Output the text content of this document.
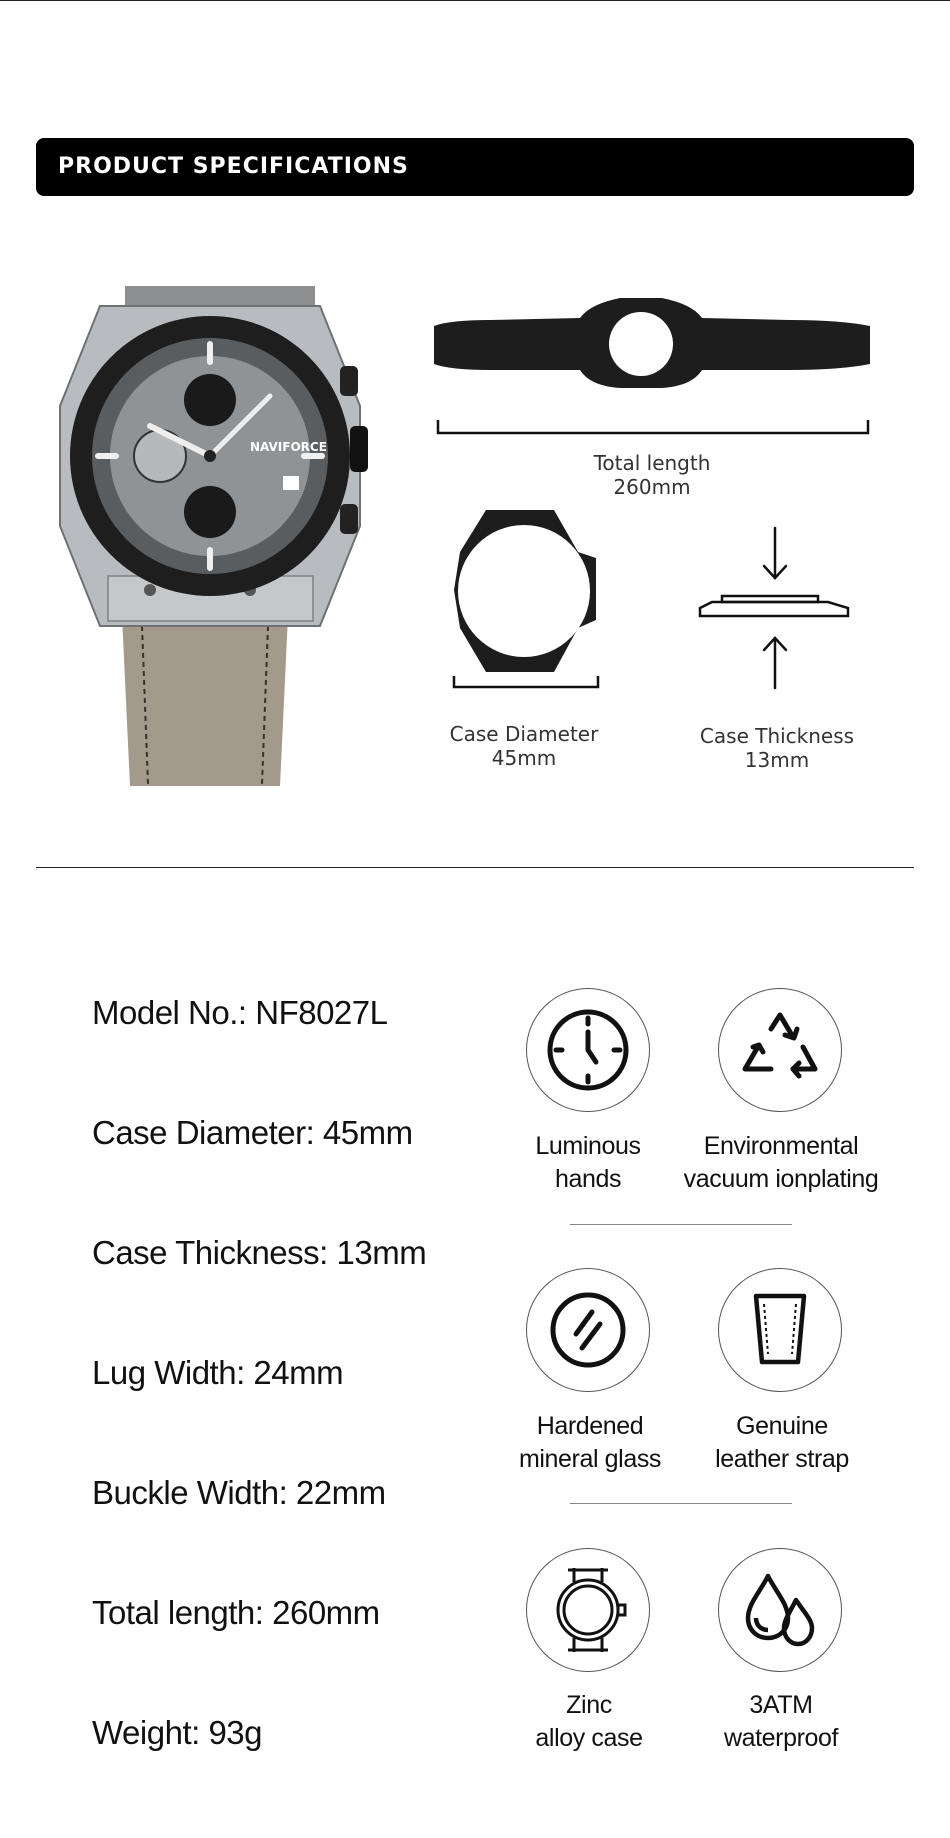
PRODUCT SPECIFICATIONS
NAVIFORCE
Total length
260mm
Case Diameter
45mm
Case Thickness
13mm
Model No.: NF8027L
Case Diameter: 45mm
Case Thickness: 13mm
Lug Width: 24mm
Buckle Width: 22mm
Total length: 260mm
Weight: 93g
Luminous
hands
Environmental
vacuum ionplating
Hardened
mineral glass
Genuine
leather strap
Zinc
alloy case
3ATM
waterproof
